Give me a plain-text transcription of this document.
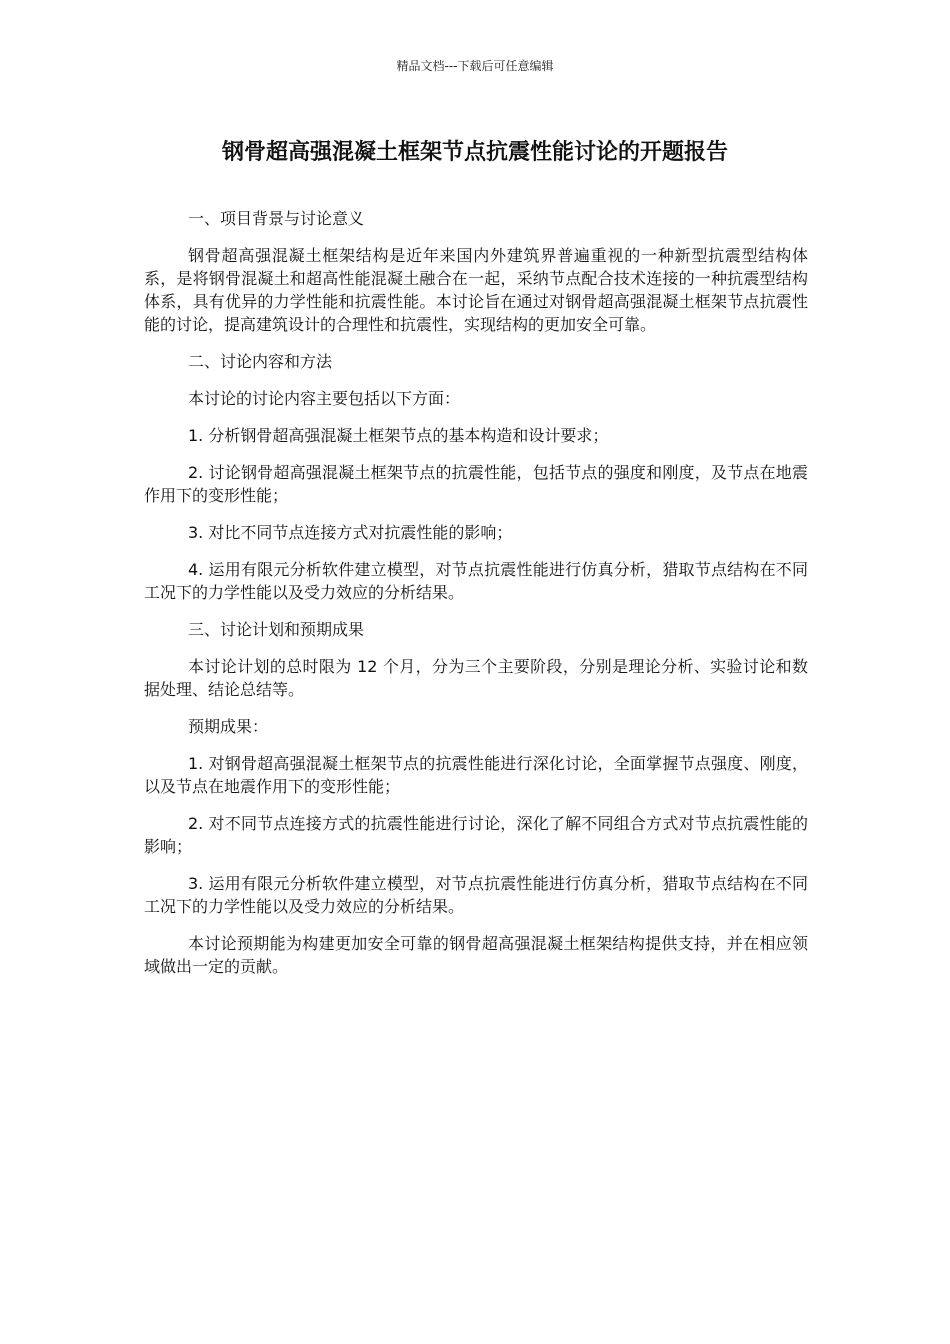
精品文档---下载后可任意编辑
钢骨超高强混凝土框架节点抗震性能讨论的开题报告

一、项目背景与讨论意义

钢骨超高强混凝土框架结构是近年来国内外建筑界普遍重视的一种新型抗震型结构体系，是将钢骨混凝土和超高性能混凝土融合在一起，采纳节点配合技术连接的一种抗震型结构体系，具有优异的力学性能和抗震性能。本讨论旨在通过对钢骨超高强混凝土框架节点抗震性能的讨论，提高建筑设计的合理性和抗震性，实现结构的更加安全可靠。

二、讨论内容和方法

本讨论的讨论内容主要包括以下方面：

1. 分析钢骨超高强混凝土框架节点的基本构造和设计要求；

2. 讨论钢骨超高强混凝土框架节点的抗震性能，包括节点的强度和刚度，及节点在地震作用下的变形性能；

3. 对比不同节点连接方式对抗震性能的影响；

4. 运用有限元分析软件建立模型，对节点抗震性能进行仿真分析，猎取节点结构在不同工况下的力学性能以及受力效应的分析结果。

三、讨论计划和预期成果

本讨论计划的总时限为 12 个月，分为三个主要阶段，分别是理论分析、实验讨论和数据处理、结论总结等。

预期成果：

1. 对钢骨超高强混凝土框架节点的抗震性能进行深化讨论，全面掌握节点强度、刚度，以及节点在地震作用下的变形性能；

2. 对不同节点连接方式的抗震性能进行讨论，深化了解不同组合方式对节点抗震性能的影响；

3. 运用有限元分析软件建立模型，对节点抗震性能进行仿真分析，猎取节点结构在不同工况下的力学性能以及受力效应的分析结果。

本讨论预期能为构建更加安全可靠的钢骨超高强混凝土框架结构提供支持，并在相应领域做出一定的贡献。
